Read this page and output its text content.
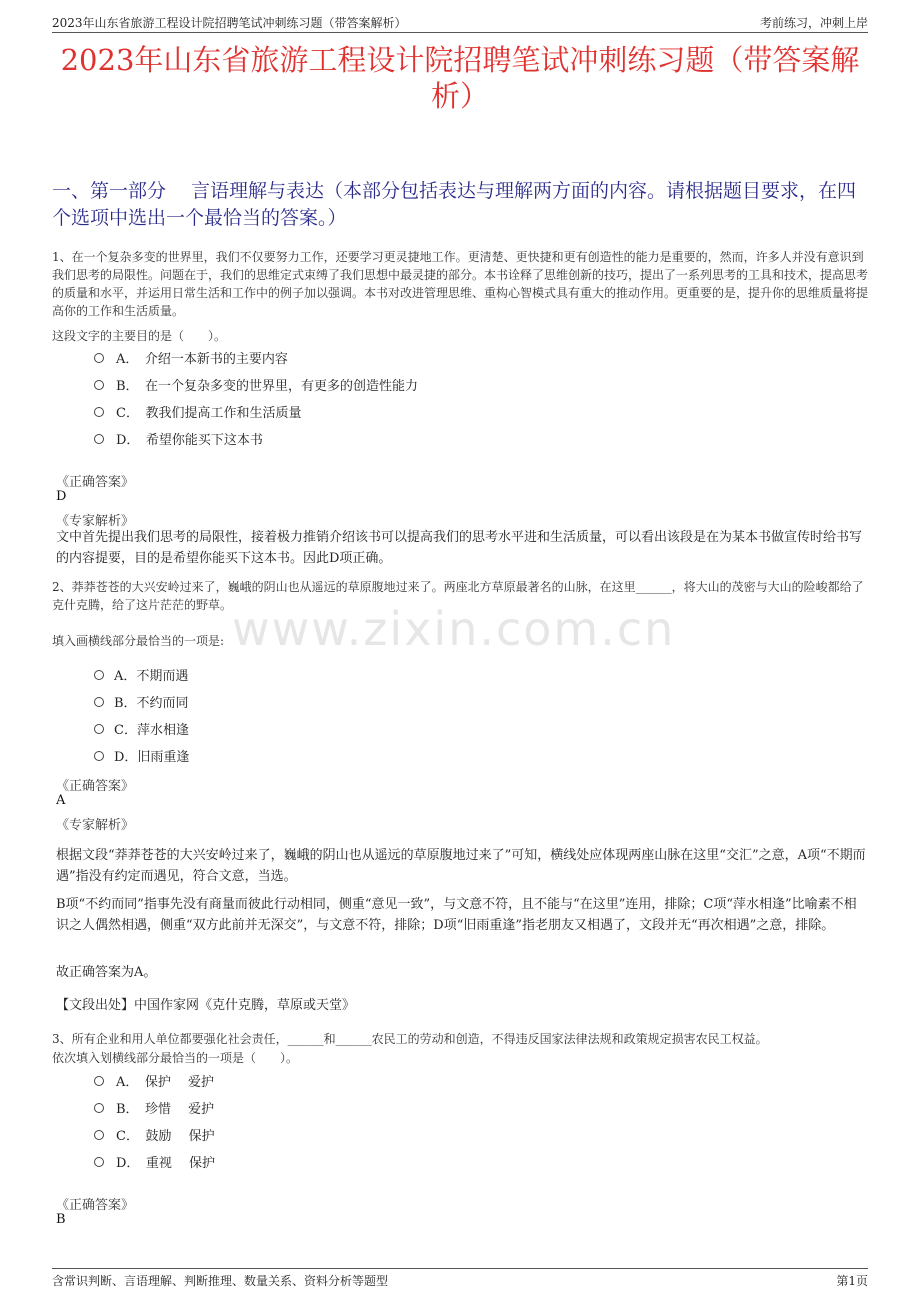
2023年山东省旅游工程设计院招聘笔试冲刺练习题（带答案解析）	考前练习，冲刺上岸
www.zixin.com.cn
2023年山东省旅游工程设计院招聘笔试冲刺练习题（带答案解析）
一、第一部分　 言语理解与表达（本部分包括表达与理解两方面的内容。请根据题目要求，在四个选项中选出一个最恰当的答案。）
1、在一个复杂多变的世界里，我们不仅要努力工作，还要学习更灵捷地工作。更清楚、更快捷和更有创造性的能力是重要的，然而，许多人并没有意识到我们思考的局限性。问题在于，我们的思维定式束缚了我们思想中最灵捷的部分。本书诠释了思维创新的技巧，提出了一系列思考的工具和技术，提高思考的质量和水平，并运用日常生活和工作中的例子加以强调。本书对改进管理思维、重构心智模式具有重大的推动作用。更重要的是，提升你的思维质量将提高你的工作和生活质量。
这段文字的主要目的是（　　）。
A．　介绍一本新书的主要内容
B．　在一个复杂多变的世界里，有更多的创造性能力
C．　教我们提高工作和生活质量
D．　希望你能买下这本书
《正确答案》
D
《专家解析》
文中首先提出我们思考的局限性，接着极力推销介绍该书可以提高我们的思考水平进和生活质量，可以看出该段是在为某本书做宣传时给书写的内容提要，目的是希望你能买下这本书。因此D项正确。
2、莽莽苍苍的大兴安岭过来了，巍峨的阴山也从遥远的草原腹地过来了。两座北方草原最著名的山脉，在这里______，将大山的茂密与大山的险峻都给了克什克腾，给了这片茫茫的野草。
填入画横线部分最恰当的一项是:
A．不期而遇
B．不约而同
C．萍水相逢
D．旧雨重逢
《正确答案》
A
《专家解析》
根据文段“莽莽苍苍的大兴安岭过来了，巍峨的阴山也从遥远的草原腹地过来了”可知，横线处应体现两座山脉在这里“交汇”之意，A项“不期而遇”指没有约定而遇见，符合文意，当选。
B项“不约而同”指事先没有商量而彼此行动相同，侧重“意见一致”，与文意不符，且不能与“在这里”连用，排除；C项“萍水相逢”比喻素不相识之人偶然相遇，侧重“双方此前并无深交”，与文意不符，排除；D项“旧雨重逢”指老朋友又相遇了，文段并无“再次相遇”之意，排除。
故正确答案为A。
【文段出处】中国作家网《克什克腾，草原或天堂》
3、所有企业和用人单位都要强化社会责任，______和______农民工的劳动和创造，不得违反国家法律法规和政策规定损害农民工权益。
依次填入划横线部分最恰当的一项是（　　）。
A．　保护　 爱护
B．　珍惜　 爱护
C．　鼓励　 保护
D．　重视　 保护
《正确答案》
B
含常识判断、言语理解、判断推理、数量关系、资料分析等题型	第1页
